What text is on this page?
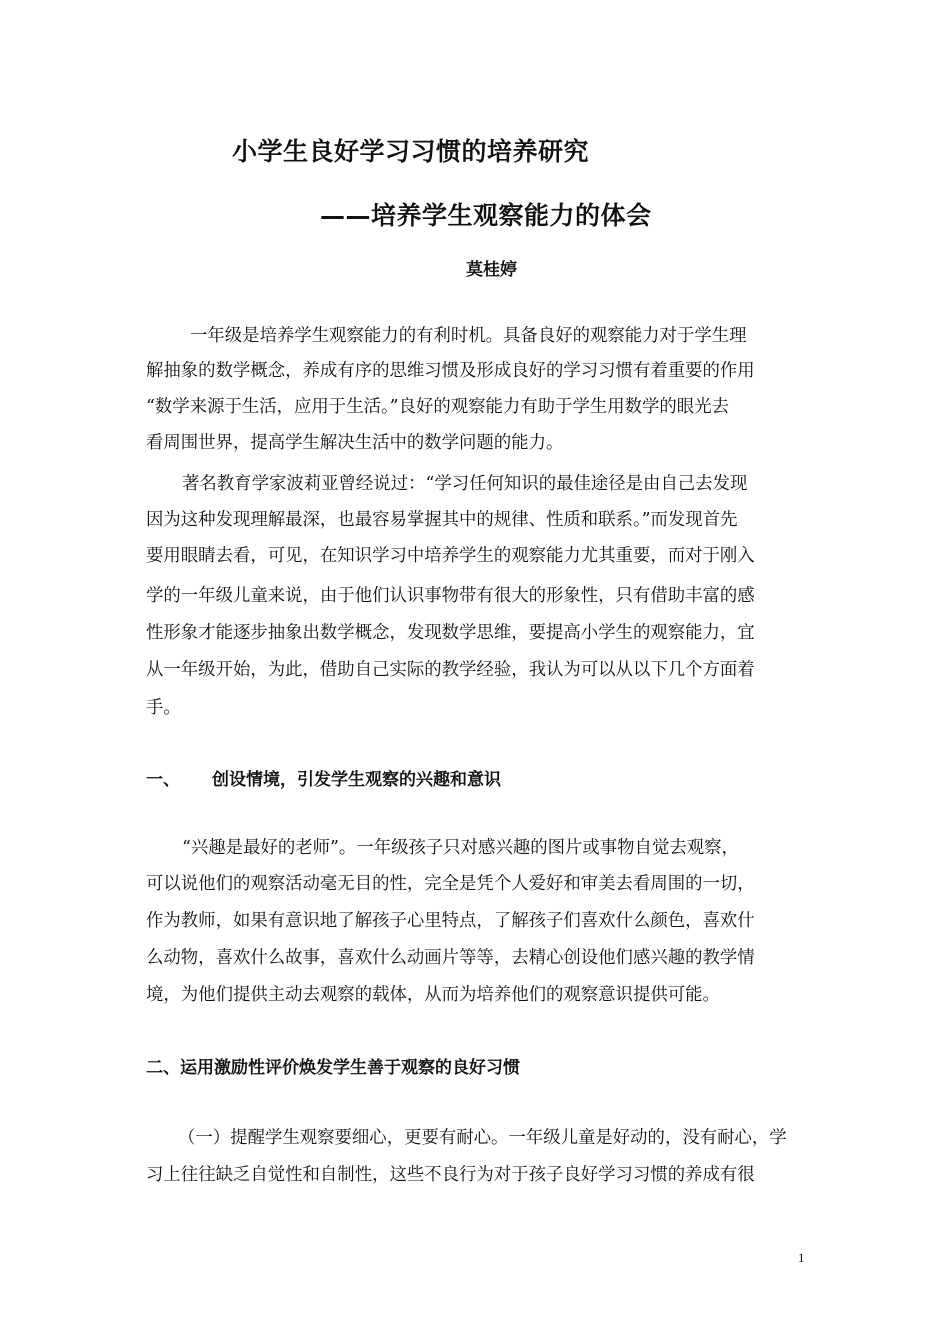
小学生良好学习习惯的培养研究
——培养学生观察能力的体会
莫桂婷
一年级是培养学生观察能力的有利时机。具备良好的观察能力对于学生理
解抽象的数学概念，养成有序的思维习惯及形成良好的学习习惯有着重要的作用
“数学来源于生活，应用于生活。”良好的观察能力有助于学生用数学的眼光去
看周围世界，提高学生解决生活中的数学问题的能力。
著名教育学家波莉亚曾经说过：“学习任何知识的最佳途径是由自己去发现
因为这种发现理解最深，也最容易掌握其中的规律、性质和联系。”而发现首先
要用眼睛去看，可见，在知识学习中培养学生的观察能力尤其重要，而对于刚入
学的一年级儿童来说，由于他们认识事物带有很大的形象性，只有借助丰富的感
性形象才能逐步抽象出数学概念，发现数学思维，要提高小学生的观察能力，宜
从一年级开始，为此，借助自己实际的教学经验，我认为可以从以下几个方面着
手。
一、 创设情境，引发学生观察的兴趣和意识
“兴趣是最好的老师”。一年级孩子只对感兴趣的图片或事物自觉去观察，
可以说他们的观察活动毫无目的性，完全是凭个人爱好和审美去看周围的一切，
作为教师，如果有意识地了解孩子心里特点，了解孩子们喜欢什么颜色，喜欢什
么动物，喜欢什么故事，喜欢什么动画片等等，去精心创设他们感兴趣的教学情
境，为他们提供主动去观察的载体，从而为培养他们的观察意识提供可能。
二、运用激励性评价焕发学生善于观察的良好习惯
（一）提醒学生观察要细心，更要有耐心。一年级儿童是好动的，没有耐心，学
习上往往缺乏自觉性和自制性，这些不良行为对于孩子良好学习习惯的养成有很
1
